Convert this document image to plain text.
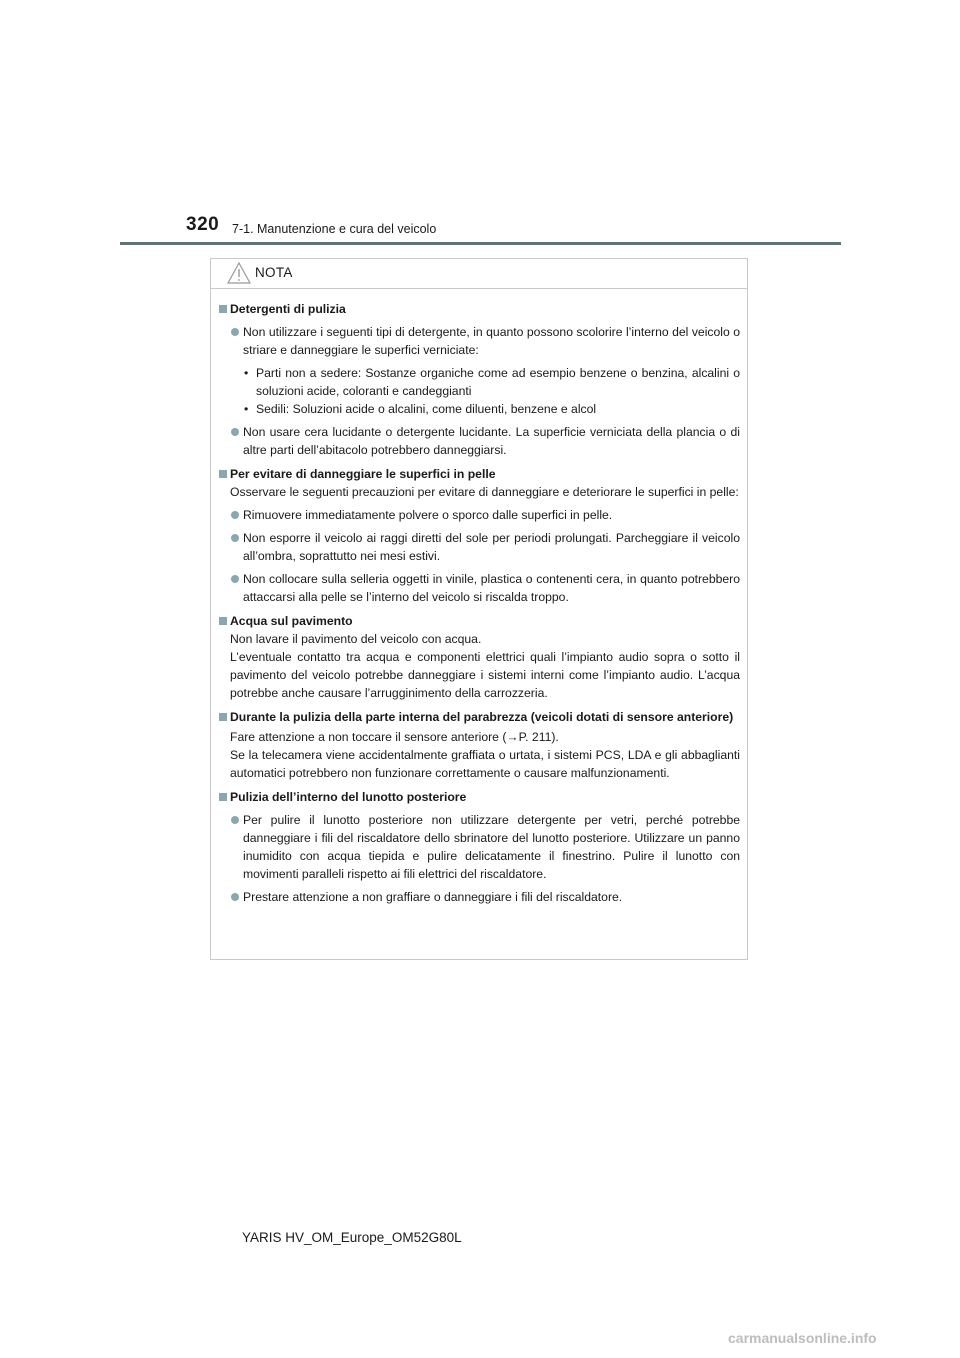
320 7-1. Manutenzione e cura del veicolo
NOTA
Detergenti di pulizia
Non utilizzare i seguenti tipi di detergente, in quanto possono scolorire l’interno del veicolo o striare e danneggiare le superfici verniciate:
• Parti non a sedere: Sostanze organiche come ad esempio benzene o benzina, alcalini o soluzioni acide, coloranti e candeggianti
• Sedili: Soluzioni acide o alcalini, come diluenti, benzene e alcol
Non usare cera lucidante o detergente lucidante. La superficie verniciata della plancia o di altre parti dell’abitacolo potrebbero danneggiarsi.
Per evitare di danneggiare le superfici in pelle
Osservare le seguenti precauzioni per evitare di danneggiare e deteriorare le superfici in pelle:
Rimuovere immediatamente polvere o sporco dalle superfici in pelle.
Non esporre il veicolo ai raggi diretti del sole per periodi prolungati. Parcheggiare il veicolo all’ombra, soprattutto nei mesi estivi.
Non collocare sulla selleria oggetti in vinile, plastica o contenenti cera, in quanto potrebbero attaccarsi alla pelle se l’interno del veicolo si riscalda troppo.
Acqua sul pavimento
Non lavare il pavimento del veicolo con acqua.
L’eventuale contatto tra acqua e componenti elettrici quali l’impianto audio sopra o sotto il pavimento del veicolo potrebbe danneggiare i sistemi interni come l’impianto audio. L’acqua potrebbe anche causare l’arrugginimento della carrozzeria.
Durante la pulizia della parte interna del parabrezza (veicoli dotati di sensore anteriore)
Fare attenzione a non toccare il sensore anteriore (→P. 211).
Se la telecamera viene accidentalmente graffiata o urtata, i sistemi PCS, LDA e gli abbaglianti automatici potrebbero non funzionare correttamente o causare malfunzionamenti.
Pulizia dell’interno del lunotto posteriore
Per pulire il lunotto posteriore non utilizzare detergente per vetri, perché potrebbe danneggiare i fili del riscaldatore dello sbrinatore del lunotto posteriore. Utilizzare un panno inumidito con acqua tiepida e pulire delicatamente il finestrino. Pulire il lunotto con movimenti paralleli rispetto ai fili elettrici del riscaldatore.
Prestare attenzione a non graffiare o danneggiare i fili del riscaldatore.
YARIS HV_OM_Europe_OM52G80L
carmanualsonline.info
